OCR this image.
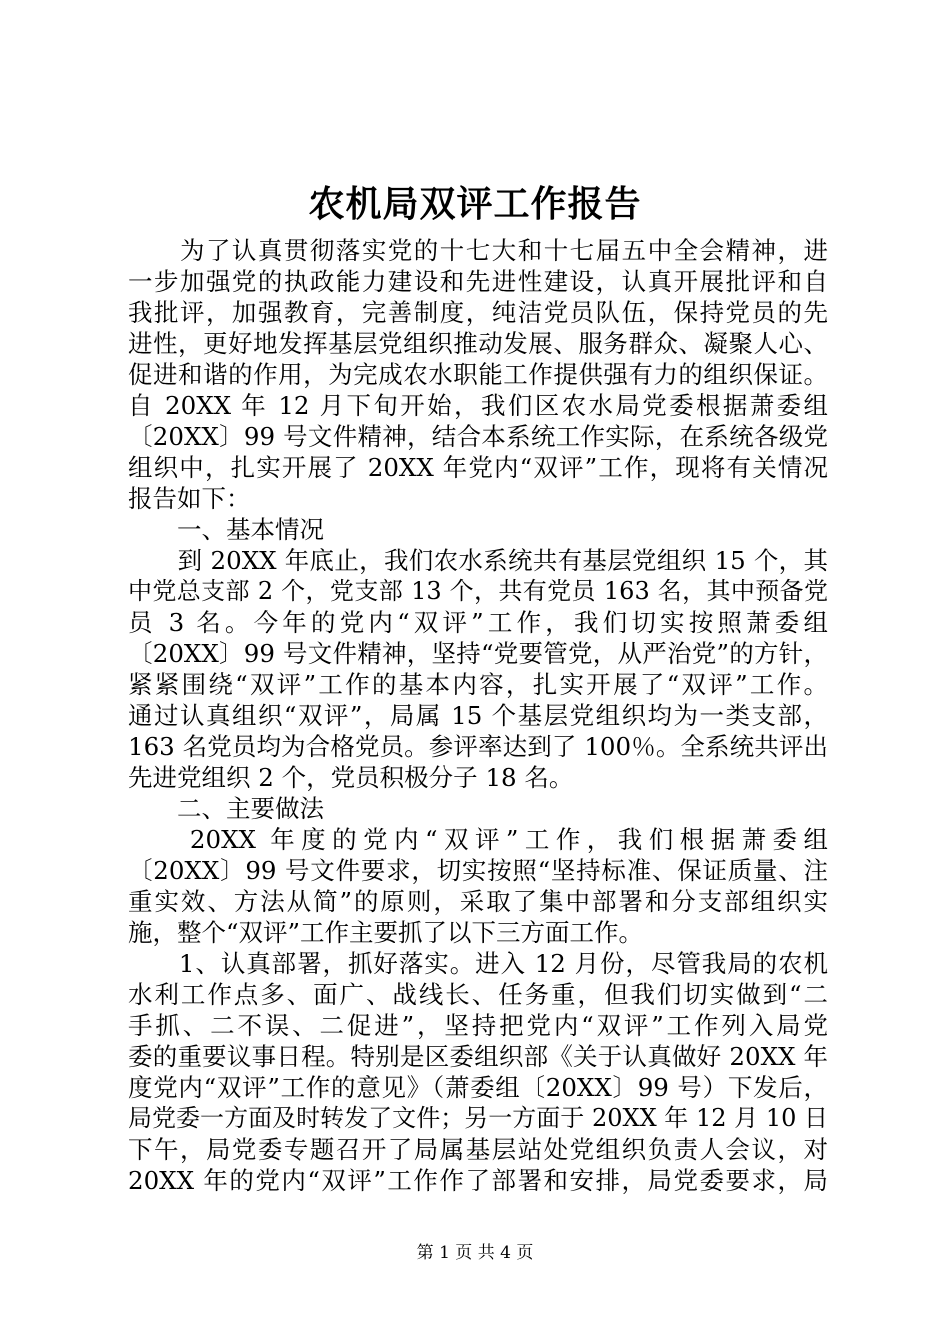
农机局双评工作报告
　　为了认真贯彻落实党的十七大和十七届五中全会精神，进
一步加强党的执政能力建设和先进性建设，认真开展批评和自
我批评，加强教育，完善制度，纯洁党员队伍，保持党员的先
进性，更好地发挥基层党组织推动发展、服务群众、凝聚人心、
促进和谐的作用，为完成农水职能工作提供强有力的组织保证。
自 20XX 年 12 月下旬开始，我们区农水局党委根据萧委组
〔20XX〕99 号文件精神，结合本系统工作实际，在系统各级党
组织中，扎实开展了 20XX 年党内“双评”工作，现将有关情况
报告如下：
　　一、基本情况
　　到 20XX 年底止，我们农水系统共有基层党组织 15 个，其
中党总支部 2 个，党支部 13 个，共有党员 163 名，其中预备党
员 3 名。今年的党内“双评”工作，我们切实按照萧委组
〔20XX〕99 号文件精神，坚持“党要管党，从严治党”的方针，
紧紧围绕“双评”工作的基本内容，扎实开展了“双评”工作。
通过认真组织“双评”，局属 15 个基层党组织均为一类支部，
163 名党员均为合格党员。参评率达到了 100％。全系统共评出
先进党组织 2 个，党员积极分子 18 名。
　　二、主要做法
　　20XX 年度的党内“双评”工作，我们根据萧委组
〔20XX〕99 号文件要求，切实按照“坚持标准、保证质量、注
重实效、方法从简”的原则，采取了集中部署和分支部组织实
施，整个“双评”工作主要抓了以下三方面工作。
　　1、认真部署，抓好落实。进入 12 月份，尽管我局的农机
水利工作点多、面广、战线长、任务重，但我们切实做到“二
手抓、二不误、二促进”，坚持把党内“双评”工作列入局党
委的重要议事日程。特别是区委组织部《关于认真做好 20XX 年
度党内“双评”工作的意见》（萧委组〔20XX〕99 号）下发后，
局党委一方面及时转发了文件；另一方面于 20XX 年 12 月 10 日
下午，局党委专题召开了局属基层站处党组织负责人会议，对
20XX 年的党内“双评”工作作了部署和安排，局党委要求，局
第 1 页 共 4 页
